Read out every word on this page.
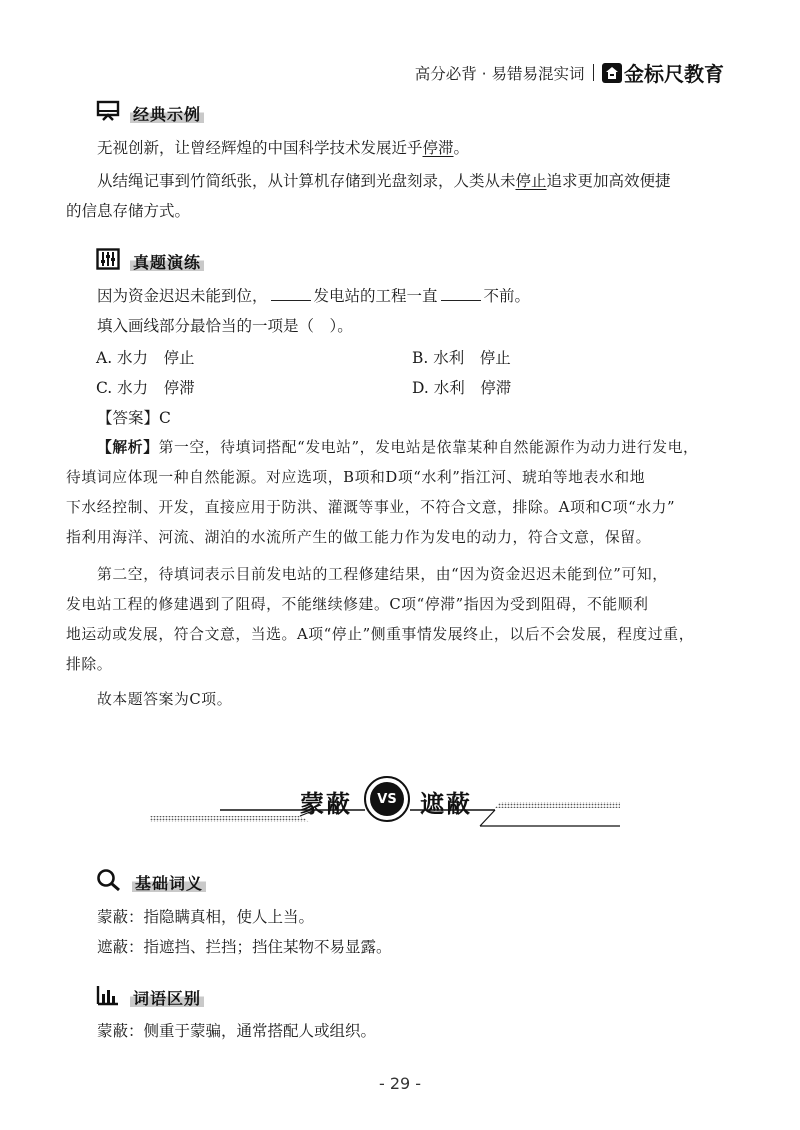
高分必背 · 易错易混实词 金标尺教育
经典示例
无视创新，让曾经辉煌的中国科学技术发展近乎停滞。
从结绳记事到竹简纸张，从计算机存储到光盘刻录，人类从未停止追求更加高效便捷
的信息存储方式。
真题演练
因为资金迟迟未能到位，	发电站的工程一直	不前。
填入画线部分最恰当的一项是（　）。
A. 水力　停止	B. 水利　停止
C. 水力　停滞	D. 水利　停滞
【答案】C
【解析】第一空，待填词搭配“发电站”，发电站是依靠某种自然能源作为动力进行发电，
待填词应体现一种自然能源。对应选项，B项和D项“水利”指江河、琥珀等地表水和地
下水经控制、开发，直接应用于防洪、灌溉等事业，不符合文意，排除。A项和C项“水力”
指利用海洋、河流、湖泊的水流所产生的做工能力作为发电的动力，符合文意，保留。
第二空，待填词表示目前发电站的工程修建结果，由“因为资金迟迟未能到位”可知，
发电站工程的修建遇到了阻碍，不能继续修建。C项“停滞”指因为受到阻碍，不能顺利
地运动或发展，符合文意，当选。A项“停止”侧重事情发展终止，以后不会发展，程度过重，
排除。
故本题答案为C项。
蒙蔽	VS 遮蔽
基础词义
蒙蔽：指隐瞒真相，使人上当。
遮蔽：指遮挡、拦挡；挡住某物不易显露。
词语区别
蒙蔽：侧重于蒙骗，通常搭配人或组织。
- 29 -
